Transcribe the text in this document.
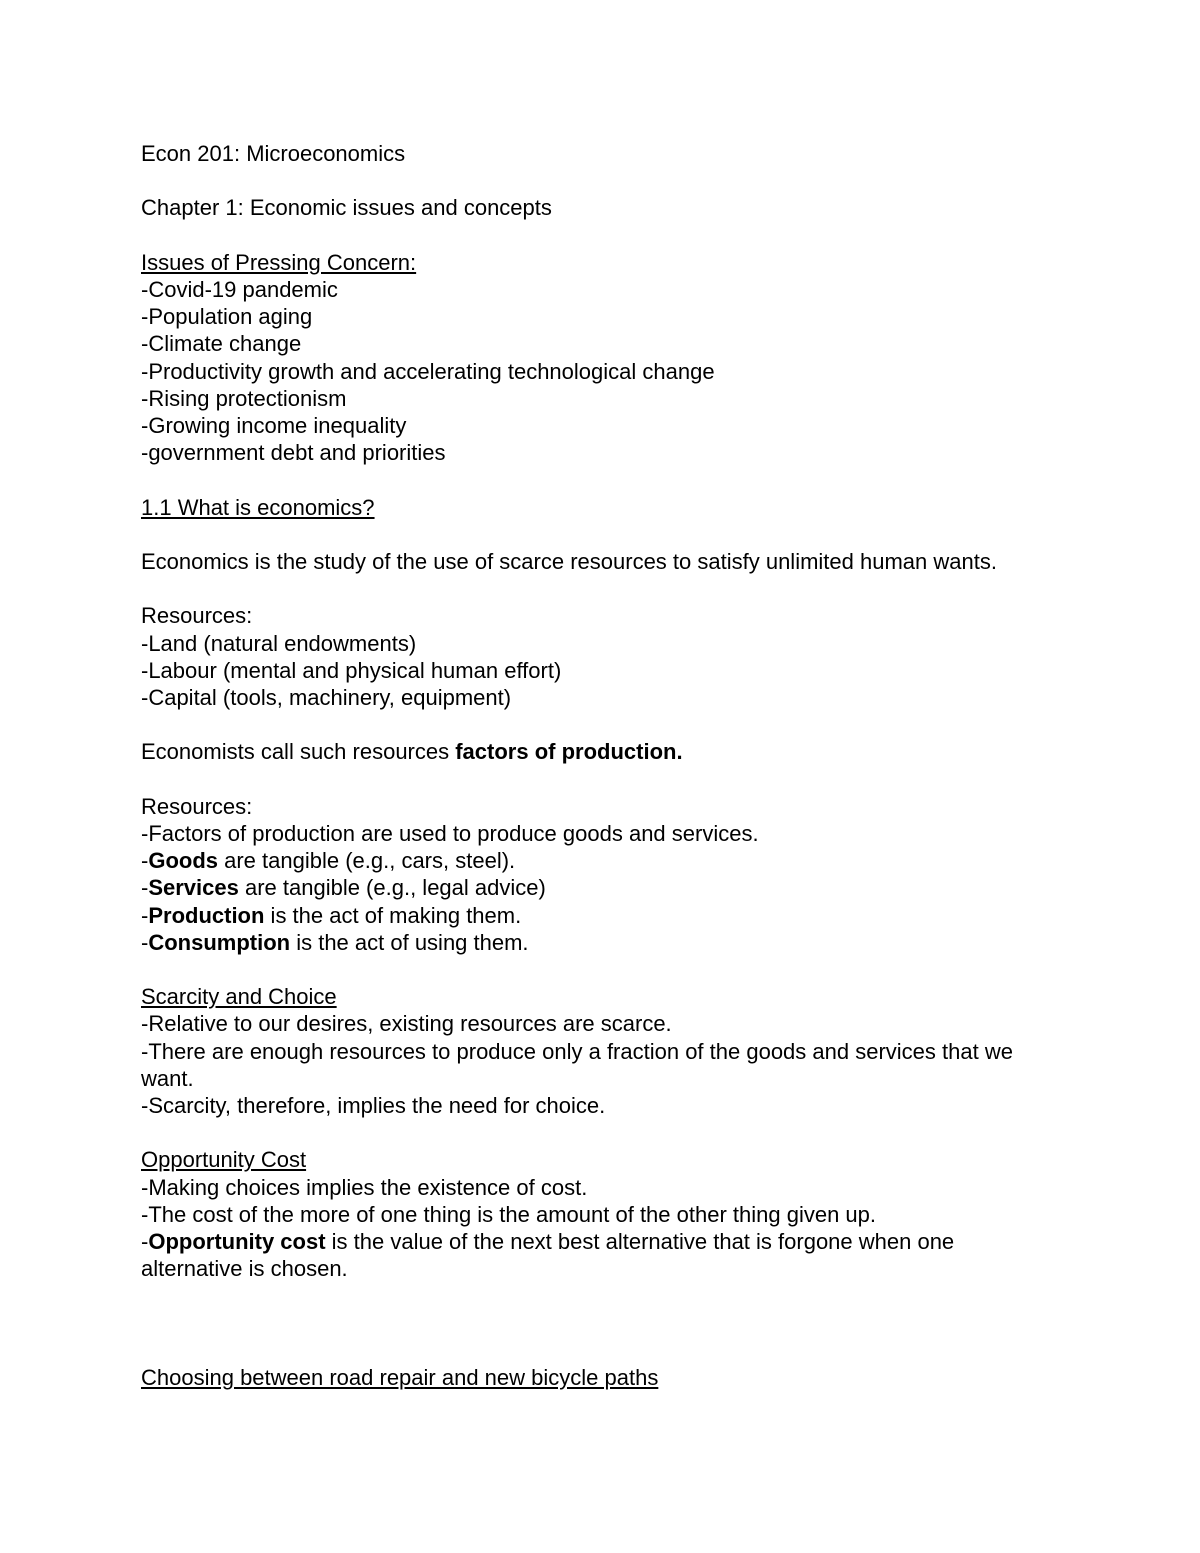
Econ 201: Microeconomics

Chapter 1: Economic issues and concepts

Issues of Pressing Concern:

-Covid-19 pandemic

-Population aging

-Climate change

-Productivity growth and accelerating technological change

-Rising protectionism

-Growing income inequality

-government debt and priorities

1.1 What is economics?

Economics is the study of the use of scarce resources to satisfy unlimited human wants.

Resources:

-Land (natural endowments)

-Labour (mental and physical human effort)

-Capital (tools, machinery, equipment)

Economists call such resources factors of production.

Resources:

-Factors of production are used to produce goods and services.

-Goods are tangible (e.g., cars, steel).

-Services are tangible (e.g., legal advice)

-Production is the act of making them.

-Consumption is the act of using them.

Scarcity and Choice

-Relative to our desires, existing resources are scarce.

-There are enough resources to produce only a fraction of the goods and services that we want.

-Scarcity, therefore, implies the need for choice.

Opportunity Cost

-Making choices implies the existence of cost.

-The cost of the more of one thing is the amount of the other thing given up.

-Opportunity cost is the value of the next best alternative that is forgone when one alternative is chosen.

Choosing between road repair and new bicycle paths
